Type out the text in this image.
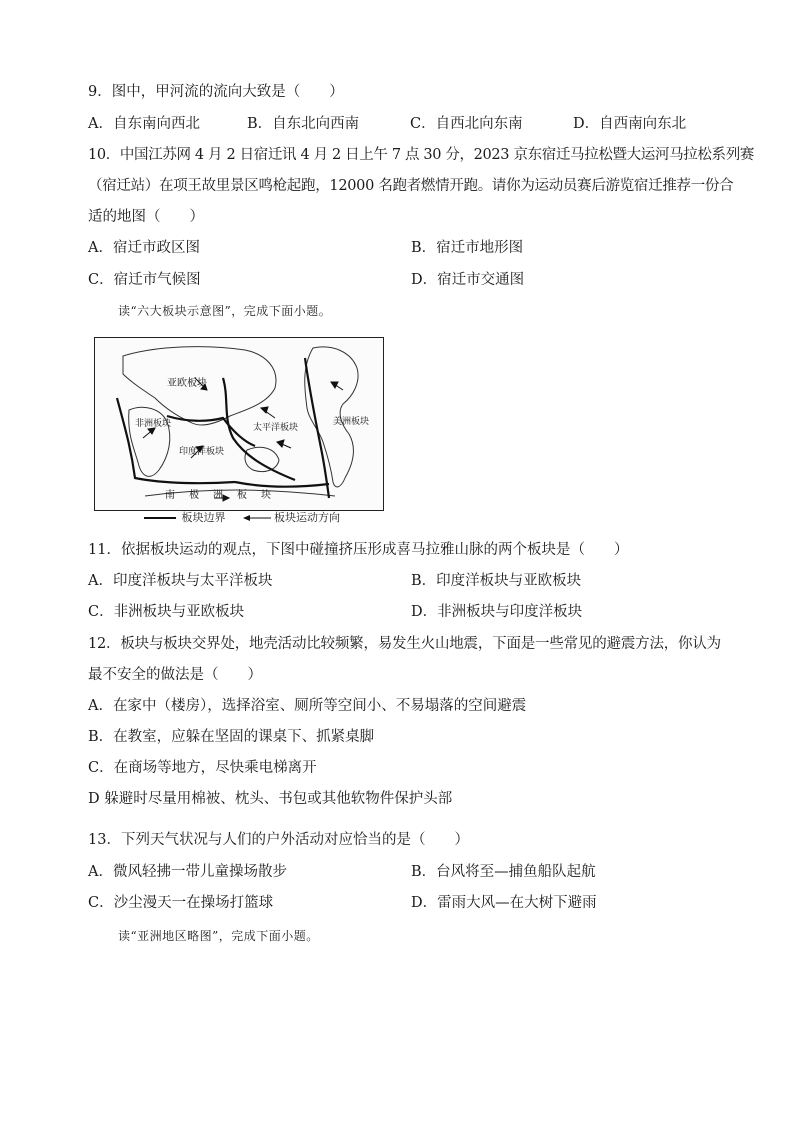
9．图中，甲河流的流向大致是（　　）
A．自东南向西北	B．自东北向西南	C．自西北向东南	D．自西南向东北
10．中国江苏网 4 月 2 日宿迁讯 4 月 2 日上午 7 点 30 分，2023 京东宿迁马拉松暨大运河马拉松系列赛
（宿迁站）在项王故里景区鸣枪起跑，12000 名跑者燃情开跑。请你为运动员赛后游览宿迁推荐一份合
适的地图（　　）
A．宿迁市政区图	B．宿迁市地形图
C．宿迁市气候图	D．宿迁市交通图
读“六大板块示意图”，完成下面小题。
亚欧板块
非洲板块
印度洋板块
太平洋板块
美洲板块
南极洲板块
板块边界	板块运动方向
11．依据板块运动的观点，下图中碰撞挤压形成喜马拉雅山脉的两个板块是（　　）
A．印度洋板块与太平洋板块	B．印度洋板块与亚欧板块
C．非洲板块与亚欧板块	D．非洲板块与印度洋板块
12．板块与板块交界处，地壳活动比较频繁，易发生火山地震，下面是一些常见的避震方法，你认为
最不安全的做法是（　　）
A．在家中（楼房），选择浴室、厕所等空间小、不易塌落的空间避震
B．在教室，应躲在坚固的课桌下、抓紧桌脚
C．在商场等地方，尽快乘电梯离开
D 躲避时尽量用棉被、枕头、书包或其他软物件保护头部
13．下列天气状况与人们的户外活动对应恰当的是（　　）
A．微风轻拂一带儿童操场散步	B．台风将至—捕鱼船队起航
C．沙尘漫天一在操场打篮球	D．雷雨大风—在大树下避雨
读“亚洲地区略图”，完成下面小题。
